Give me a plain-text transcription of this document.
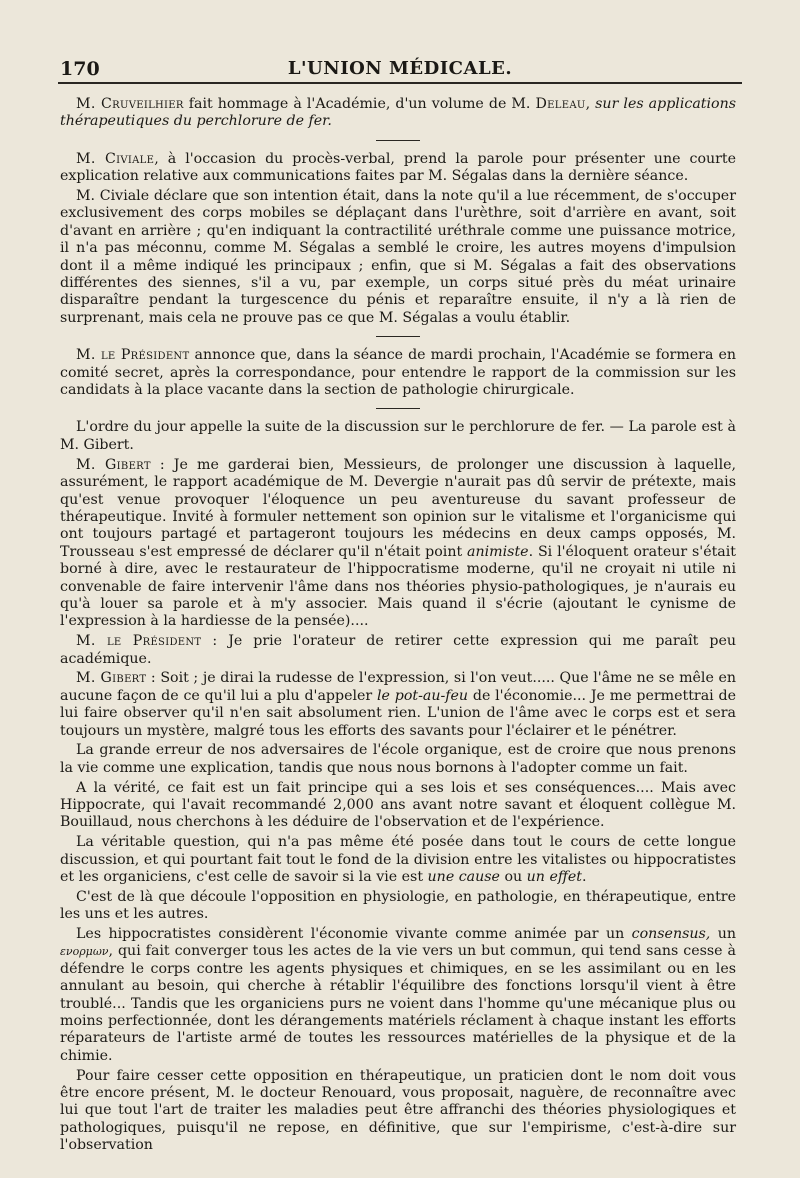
170	L'UNION MÉDICALE.

M. Cruveilhier fait hommage à l'Académie, d'un volume de M. Deleau, sur les applications thérapeutiques du perchlorure de fer.

M. Civiale, à l'occasion du procès-verbal, prend la parole pour présenter une courte explication relative aux communications faites par M. Ségalas dans la dernière séance.

M. Civiale déclare que son intention était, dans la note qu'il a lue récemment, de s'occuper exclusivement des corps mobiles se déplaçant dans l'urèthre, soit d'arrière en avant, soit d'avant en arrière ; qu'en indiquant la contractilité uréthrale comme une puissance motrice, il n'a pas méconnu, comme M. Ségalas a semblé le croire, les autres moyens d'impulsion dont il a même indiqué les principaux ; enfin, que si M. Ségalas a fait des observations différentes des siennes, s'il a vu, par exemple, un corps situé près du méat urinaire disparaître pendant la turgescence du pénis et reparaître ensuite, il n'y a là rien de surprenant, mais cela ne prouve pas ce que M. Ségalas a voulu établir.

M. le Président annonce que, dans la séance de mardi prochain, l'Académie se formera en comité secret, après la correspondance, pour entendre le rapport de la commission sur les candidats à la place vacante dans la section de pathologie chirurgicale.

L'ordre du jour appelle la suite de la discussion sur le perchlorure de fer. — La parole est à M. Gibert.

M. Gibert : Je me garderai bien, Messieurs, de prolonger une discussion à laquelle, assurément, le rapport académique de M. Devergie n'aurait pas dû servir de prétexte, mais qu'est venue provoquer l'éloquence un peu aventureuse du savant professeur de thérapeutique. Invité à formuler nettement son opinion sur le vitalisme et l'organicisme qui ont toujours partagé et partageront toujours les médecins en deux camps opposés, M. Trousseau s'est empressé de déclarer qu'il n'était point animiste. Si l'éloquent orateur s'était borné à dire, avec le restaurateur de l'hippocratisme moderne, qu'il ne croyait ni utile ni convenable de faire intervenir l'âme dans nos théories physio-pathologiques, je n'aurais eu qu'à louer sa parole et à m'y associer. Mais quand il s'écrie (ajoutant le cynisme de l'expression à la hardiesse de la pensée)....

M. le Président : Je prie l'orateur de retirer cette expression qui me paraît peu académique.

M. Gibert : Soit ; je dirai la rudesse de l'expression, si l'on veut..... Que l'âme ne se mêle en aucune façon de ce qu'il lui a plu d'appeler le pot-au-feu de l'économie... Je me permettrai de lui faire observer qu'il n'en sait absolument rien. L'union de l'âme avec le corps est et sera toujours un mystère, malgré tous les efforts des savants pour l'éclairer et le pénétrer.

La grande erreur de nos adversaires de l'école organique, est de croire que nous prenons la vie comme une explication, tandis que nous nous bornons à l'adopter comme un fait.

A la vérité, ce fait est un fait principe qui a ses lois et ses conséquences.... Mais avec Hippocrate, qui l'avait recommandé 2,000 ans avant notre savant et éloquent collègue M. Bouillaud, nous cherchons à les déduire de l'observation et de l'expérience.

La véritable question, qui n'a pas même été posée dans tout le cours de cette longue discussion, et qui pourtant fait tout le fond de la division entre les vitalistes ou hippocratistes et les organiciens, c'est celle de savoir si la vie est une cause ou un effet.

C'est de là que découle l'opposition en physiologie, en pathologie, en thérapeutique, entre les uns et les autres.

Les hippocratistes considèrent l'économie vivante comme animée par un consensus, un ενορμων, qui fait converger tous les actes de la vie vers un but commun, qui tend sans cesse à défendre le corps contre les agents physiques et chimiques, en se les assimilant ou en les annulant au besoin, qui cherche à rétablir l'équilibre des fonctions lorsqu'il vient à être troublé... Tandis que les organiciens purs ne voient dans l'homme qu'une mécanique plus ou moins perfectionnée, dont les dérangements matériels réclament à chaque instant les efforts réparateurs de l'artiste armé de toutes les ressources matérielles de la physique et de la chimie.

Pour faire cesser cette opposition en thérapeutique, un praticien dont le nom doit vous être encore présent, M. le docteur Renouard, vous proposait, naguère, de reconnaître avec lui que tout l'art de traiter les maladies peut être affranchi des théories physiologiques et pathologiques, puisqu'il ne repose, en définitive, que sur l'empirisme, c'est-à-dire sur l'observation
